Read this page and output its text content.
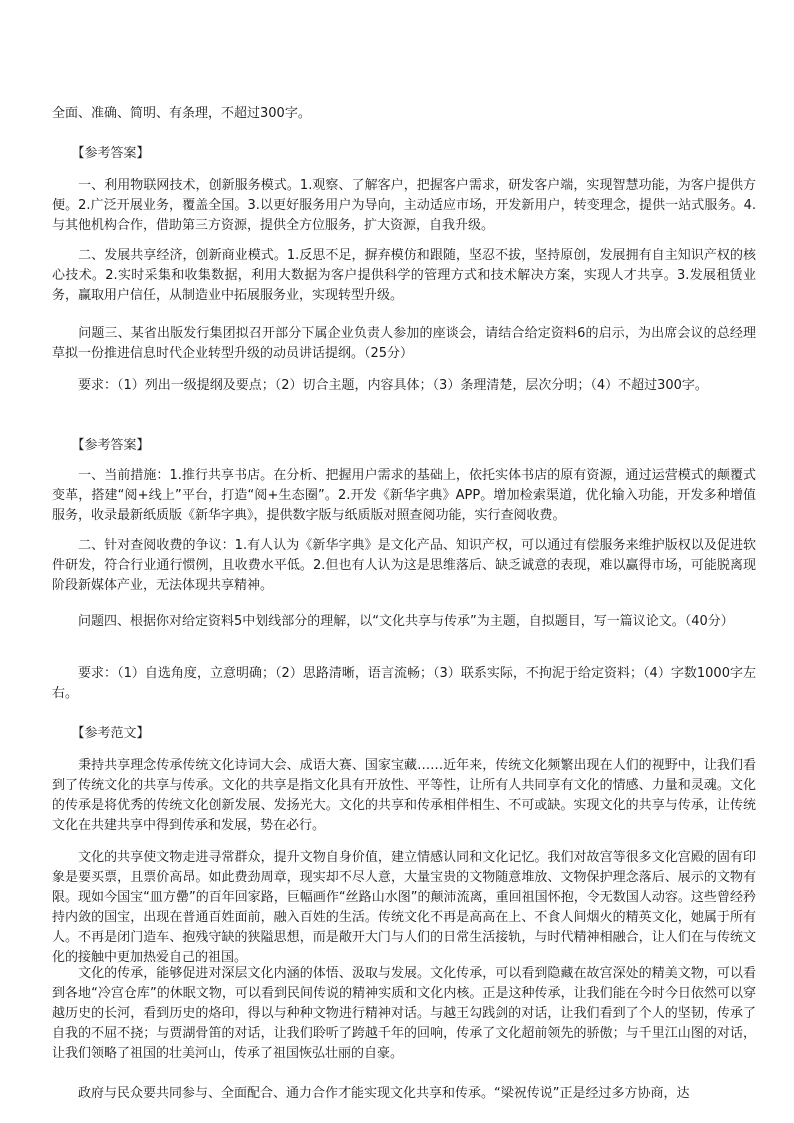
全面、准确、简明、有条理，不超过300字。

　　【参考答案】

　　一、利用物联网技术，创新服务模式。1.观察、了解客户，把握客户需求，研发客户端，实现智慧功能，为客户提供方便。2.广泛开展业务，覆盖全国。3.以更好服务用户为导向，主动适应市场，开发新用户，转变理念，提供一站式服务。4.与其他机构合作，借助第三方资源，提供全方位服务，扩大资源，自我升级。

　　二、发展共享经济，创新商业模式。1.反思不足，摒弃模仿和跟随，坚忍不拔，坚持原创，发展拥有自主知识产权的核心技术。2.实时采集和收集数据，利用大数据为客户提供科学的管理方式和技术解决方案，实现人才共享。3.发展租赁业务，赢取用户信任，从制造业中拓展服务业，实现转型升级。

　　问题三、某省出版发行集团拟召开部分下属企业负责人参加的座谈会，请结合给定资料6的启示，为出席会议的总经理草拟一份推进信息时代企业转型升级的动员讲话提纲。（25分）

　　要求：（1）列出一级提纲及要点；（2）切合主题，内容具体；（3）条理清楚，层次分明；（4）不超过300字。

　　【参考答案】

　　一、当前措施：1.推行共享书店。在分析、把握用户需求的基础上，依托实体书店的原有资源，通过运营模式的颠覆式变革，搭建“阅+线上”平台，打造“阅+生态圈”。2.开发《新华字典》APP。增加检索渠道，优化输入功能，开发多种增值服务，收录最新纸质版《新华字典》，提供数字版与纸质版对照查阅功能，实行查阅收费。

　　二、针对查阅收费的争议：1.有人认为《新华字典》是文化产品、知识产权，可以通过有偿服务来维护版权以及促进软件研发，符合行业通行惯例，且收费水平低。2.但也有人认为这是思维落后、缺乏诚意的表现，难以赢得市场，可能脱离现阶段新媒体产业，无法体现共享精神。

　　问题四、根据你对给定资料5中划线部分的理解，以“文化共享与传承”为主题，自拟题目，写一篇议论文。（40分）

　　要求：（1）自选角度，立意明确；（2）思路清晰，语言流畅；（3）联系实际，不拘泥于给定资料；（4）字数1000字左右。

　　【参考范文】

　　秉持共享理念传承传统文化诗词大会、成语大赛、国家宝藏……近年来，传统文化频繁出现在人们的视野中，让我们看到了传统文化的共享与传承。文化的共享是指文化具有开放性、平等性，让所有人共同享有文化的情感、力量和灵魂。文化的传承是将优秀的传统文化创新发展、发扬光大。文化的共享和传承相伴相生、不可或缺。实现文化的共享与传承，让传统文化在共建共享中得到传承和发展，势在必行。

　　文化的共享使文物走进寻常群众，提升文物自身价值，建立情感认同和文化记忆。我们对故宫等很多文化宫殿的固有印象是要买票，且票价高昂。如此费劲周章，现实却不尽人意，大量宝贵的文物随意堆放、文物保护理念落后、展示的文物有限。现如今国宝“皿方罍”的百年回家路，巨幅画作“丝路山水图”的颠沛流离，重回祖国怀抱，令无数国人动容。这些曾经矜持内敛的国宝，出现在普通百姓面前，融入百姓的生活。传统文化不再是高高在上、不食人间烟火的精英文化，她属于所有人。不再是闭门造车、抱残守缺的狭隘思想，而是敞开大门与人们的日常生活接轨，与时代精神相融合，让人们在与传统文化的接触中更加热爱自己的祖国。

　　文化的传承，能够促进对深层文化内涵的体悟、汲取与发展。文化传承，可以看到隐藏在故宫深处的精美文物，可以看到各地“冷宫仓库”的休眠文物，可以看到民间传说的精神实质和文化内核。正是这种传承，让我们能在今时今日依然可以穿越历史的长河，看到历史的烙印，得以与种种文物进行精神对话。与越王勾践剑的对话，让我们看到了个人的坚韧，传承了自我的不屈不挠；与贾湖骨笛的对话，让我们聆听了跨越千年的回响，传承了文化超前领先的骄傲；与千里江山图的对话，让我们领略了祖国的壮美河山，传承了祖国恢弘壮丽的自豪。

　　政府与民众要共同参与、全面配合、通力合作才能实现文化共享和传承。“梁祝传说”正是经过多方协商，达
